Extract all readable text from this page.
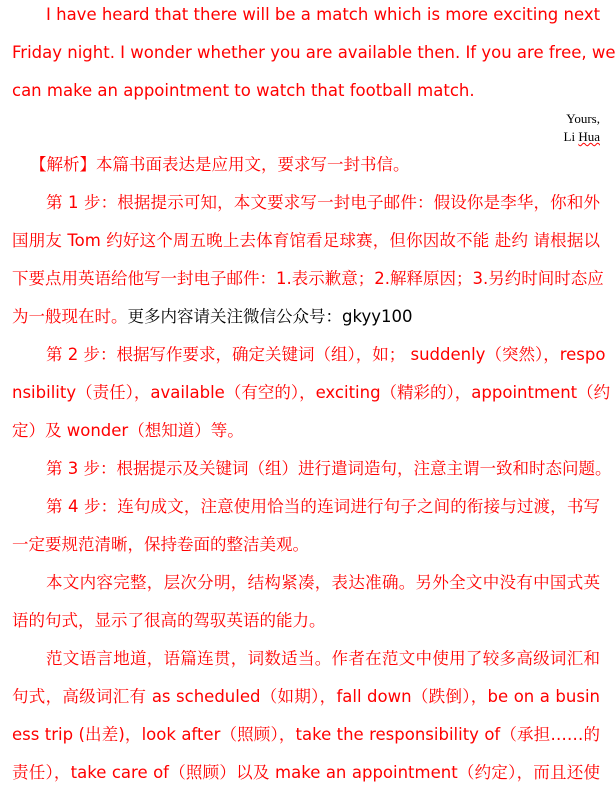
I have heard that there will be a match which is more exciting next
Friday night. I wonder whether you are available then. If you are free, we
can make an appointment to watch that football match.
Yours,
Li Hua
【解析】本篇书面表达是应用文，要求写一封书信。
第 1 步：根据提示可知，本文要求写一封电子邮件：假设你是李华，你和外
国朋友 Tom 约好这个周五晚上去体育馆看足球赛，但你因故不能 赴约 请根据以
下要点用英语给他写一封电子邮件：1.表示歉意；2.解释原因；3.另约时间时态应
为一般现在时。更多内容请关注微信公众号：gkyy100
第 2 步：根据写作要求，确定关键词（组），如； suddenly（突然），respo
nsibility（责任），available（有空的），exciting（精彩的），appointment（约
定）及 wonder（想知道）等。
第 3 步：根据提示及关键词（组）进行遣词造句，注意主谓一致和时态问题。
第 4 步：连句成文，注意使用恰当的连词进行句子之间的衔接与过渡，书写
一定要规范清晰，保持卷面的整洁美观。
本文内容完整，层次分明，结构紧凑，表达准确。另外全文中没有中国式英
语的句式，显示了很高的驾驭英语的能力。
范文语言地道，语篇连贯，词数适当。作者在范文中使用了较多高级词汇和
句式，高级词汇有 as scheduled（如期），fall down（跌倒），be on a busin
ess trip (出差)，look after（照顾），take the responsibility of（承担……的
责任），take care of（照顾）以及 make an appointment（约定），而且还使
